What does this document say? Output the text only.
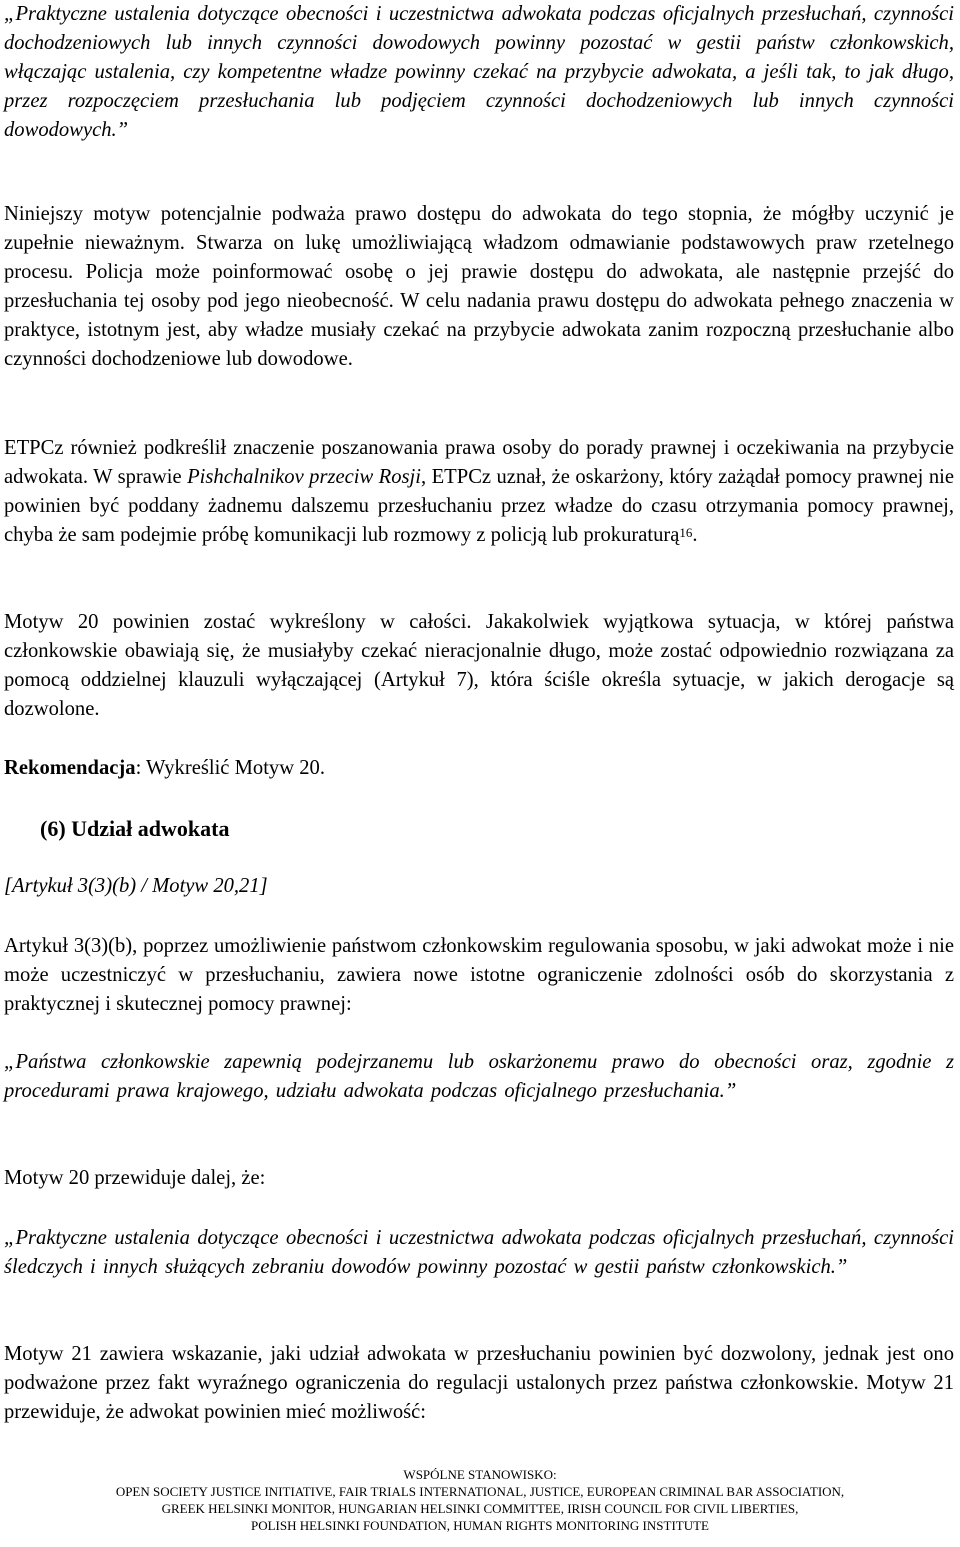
„Praktyczne ustalenia dotyczące obecności i uczestnictwa adwokata podczas oficjalnych przesłuchań, czynności dochodzeniowych lub innych czynności dowodowych powinny pozostać w gestii państw członkowskich, włączając ustalenia, czy kompetentne władze powinny czekać na przybycie adwokata, a jeśli tak, to jak długo, przez rozpoczęciem przesłuchania lub podjęciem czynności dochodzeniowych lub innych czynności dowodowych.”

Niniejszy motyw potencjalnie podważa prawo dostępu do adwokata do tego stopnia, że mógłby uczynić je zupełnie nieważnym. Stwarza on lukę umożliwiającą władzom odmawianie podstawowych praw rzetelnego procesu. Policja może poinformować osobę o jej prawie dostępu do adwokata, ale następnie przejść do przesłuchania tej osoby pod jego nieobecność. W celu nadania prawu dostępu do adwokata pełnego znaczenia w praktyce, istotnym jest, aby władze musiały czekać na przybycie adwokata zanim rozpoczną przesłuchanie albo czynności dochodzeniowe lub dowodowe.

ETPCz również podkreślił znaczenie poszanowania prawa osoby do porady prawnej i oczekiwania na przybycie adwokata. W sprawie Pishchalnikov przeciw Rosji, ETPCz uznał, że oskarżony, który zażądał pomocy prawnej nie powinien być poddany żadnemu dalszemu przesłuchaniu przez władze do czasu otrzymania pomocy prawnej, chyba że sam podejmie próbę komunikacji lub rozmowy z policją lub prokuraturą$^{16}$.

Motyw 20 powinien zostać wykreślony w całości. Jakakolwiek wyjątkowa sytuacja, w której państwa członkowskie obawiają się, że musiałyby czekać nieracjonalnie długo, może zostać odpowiednio rozwiązana za pomocą oddzielnej klauzuli wyłączającej (Artykuł 7), która ściśle określa sytuacje, w jakich derogacje są dozwolone.

Rekomendacja: Wykreślić Motyw 20.

(6) Udział adwokata

[Artykuł 3(3)(b) / Motyw 20,21]

Artykuł 3(3)(b), poprzez umożliwienie państwom członkowskim regulowania sposobu, w jaki adwokat może i nie może uczestniczyć w przesłuchaniu, zawiera nowe istotne ograniczenie zdolności osób do skorzystania z praktycznej i skutecznej pomocy prawnej:

„Państwa członkowskie zapewnią podejrzanemu lub oskarżonemu prawo do obecności oraz, zgodnie z procedurami prawa krajowego, udziału adwokata podczas oficjalnego przesłuchania.”

Motyw 20 przewiduje dalej, że:

„Praktyczne ustalenia dotyczące obecności i uczestnictwa adwokata podczas oficjalnych przesłuchań, czynności śledczych i innych służących zebraniu dowodów powinny pozostać w gestii państw członkowskich.”

Motyw 21 zawiera wskazanie, jaki udział adwokata w przesłuchaniu powinien być dozwolony, jednak jest ono podważone przez fakt wyraźnego ograniczenia do regulacji ustalonych przez państwa członkowskie. Motyw 21 przewiduje, że adwokat powinien mieć możliwość:

WSPÓLNE STANOWISKO:
OPEN SOCIETY JUSTICE INITIATIVE, FAIR TRIALS INTERNATIONAL, JUSTICE, EUROPEAN CRIMINAL BAR ASSOCIATION,
GREEK HELSINKI MONITOR, HUNGARIAN HELSINKI COMMITTEE, IRISH COUNCIL FOR CIVIL LIBERTIES,
POLISH HELSINKI FOUNDATION, HUMAN RIGHTS MONITORING INSTITUTE
